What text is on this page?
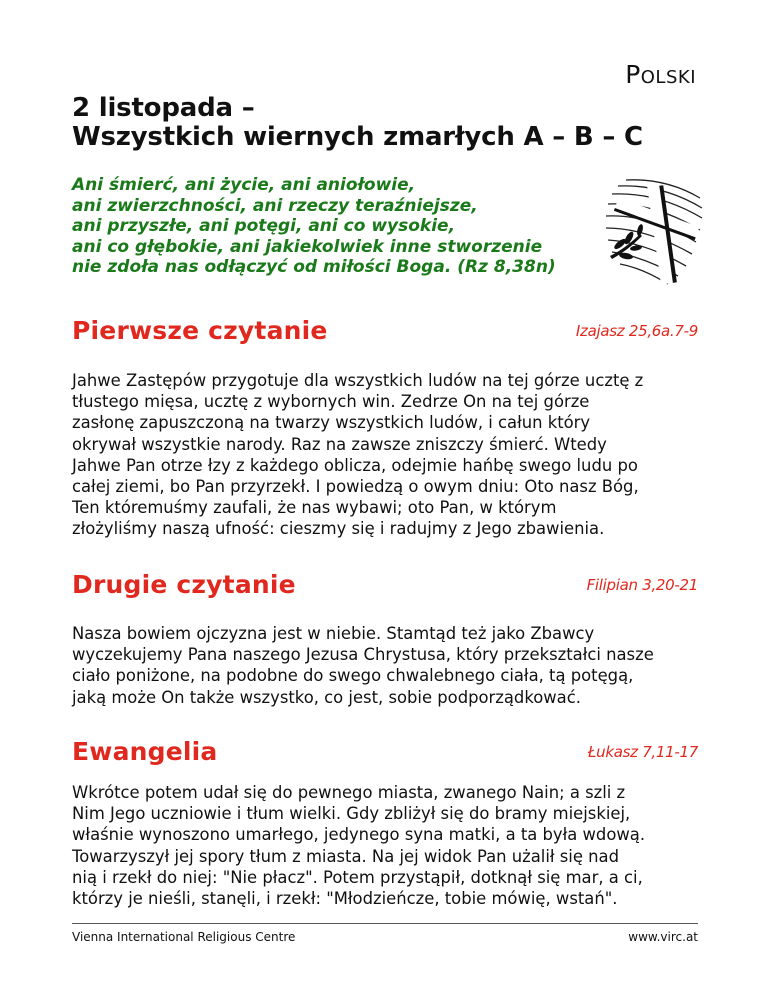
Polski
2 listopada –
Wszystkich wiernych zmarłych A – B – C
Ani śmierć, ani życie, ani aniołowie,
ani zwierzchności, ani rzeczy teraźniejsze,
ani przyszłe, ani potęgi, ani co wysokie,
ani co głębokie, ani jakiekolwiek inne stworzenie
nie zdoła nas odłączyć od miłości Boga. (Rz 8,38n)
Pierwsze czytanie	Izajasz 25,6a.7-9
Jahwe Zastępów przygotuje dla wszystkich ludów na tej górze ucztę z
tłustego mięsa, ucztę z wybornych win. Zedrze On na tej górze
zasłonę zapuszczoną na twarzy wszystkich ludów, i całun który
okrywał wszystkie narody. Raz na zawsze zniszczy śmierć. Wtedy
Jahwe Pan otrze łzy z każdego oblicza, odejmie hańbę swego ludu po
całej ziemi, bo Pan przyrzekł. I powiedzą o owym dniu: Oto nasz Bóg,
Ten któremuśmy zaufali, że nas wybawi; oto Pan, w którym
złożyliśmy naszą ufność: cieszmy się i radujmy z Jego zbawienia.
Drugie czytanie	Filipian 3,20-21
Nasza bowiem ojczyzna jest w niebie. Stamtąd też jako Zbawcy
wyczekujemy Pana naszego Jezusa Chrystusa, który przekształci nasze
ciało poniżone, na podobne do swego chwalebnego ciała, tą potęgą,
jaką może On także wszystko, co jest, sobie podporządkować.
Ewangelia	Łukasz 7,11-17
Wkrótce potem udał się do pewnego miasta, zwanego Nain; a szli z
Nim Jego uczniowie i tłum wielki. Gdy zbliżył się do bramy miejskiej,
właśnie wynoszono umarłego, jedynego syna matki, a ta była wdową.
Towarzyszył jej spory tłum z miasta. Na jej widok Pan użalił się nad
nią i rzekł do niej: "Nie płacz". Potem przystąpił, dotknął się mar, a ci,
którzy je nieśli, stanęli, i rzekł: "Młodzieńcze, tobie mówię, wstań".
Vienna International Religious Centre	www.virc.at
